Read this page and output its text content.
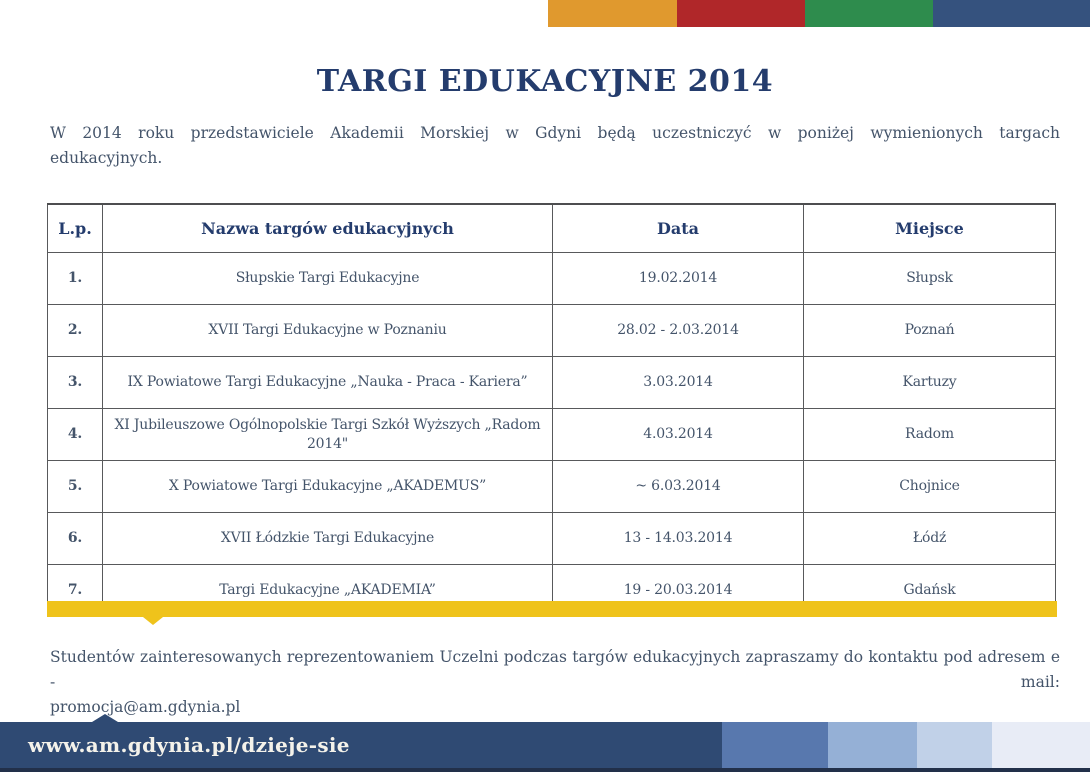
TARGI EDUKACYJNE 2014

W 2014 roku przedstawiciele Akademii Morskiej w Gdyni będą uczestniczyć w poniżej wymienionych targach
edukacyjnych.

L.p.	Nazwa targów edukacyjnych	Data	Miejsce
1.	Słupskie Targi Edukacyjne	19.02.2014	Słupsk
2.	XVII Targi Edukacyjne w Poznaniu	28.02 - 2.03.2014	Poznań
3.	IX Powiatowe Targi Edukacyjne „Nauka - Praca - Kariera”	3.03.2014	Kartuzy
4.	XI Jubileuszowe Ogólnopolskie Targi Szkół Wyższych „Radom 2014"	4.03.2014	Radom
5.	X Powiatowe Targi Edukacyjne „AKADEMUS”	~ 6.03.2014	Chojnice
6.	XVII Łódzkie Targi Edukacyjne	13 - 14.03.2014	Łódź
7.	Targi Edukacyjne „AKADEMIA”	19 - 20.03.2014	Gdańsk

Studentów zainteresowanych reprezentowaniem Uczelni podczas targów edukacyjnych zapraszamy do kontaktu pod adresem e - mail:
promocja@am.gdynia.pl

www.am.gdynia.pl/dzieje-sie
